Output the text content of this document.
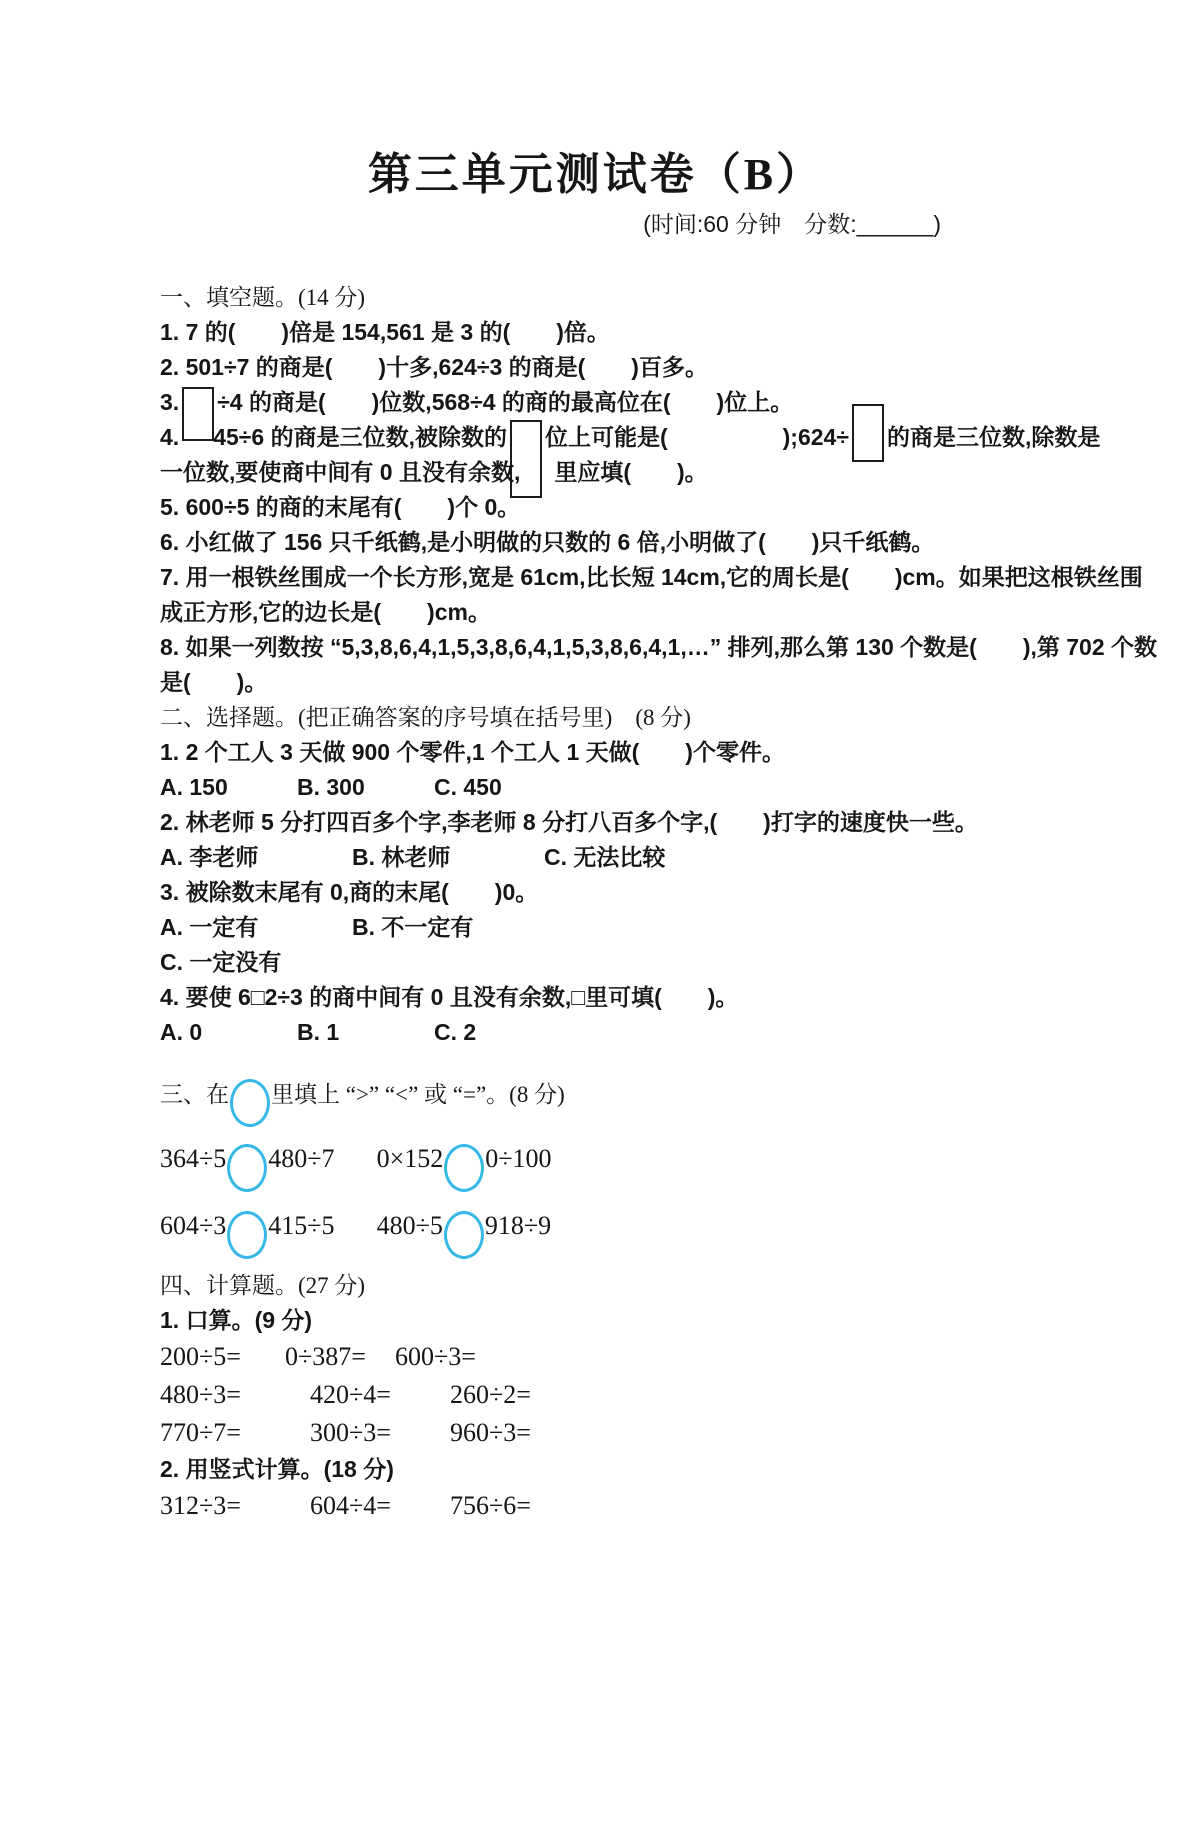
第三单元测试卷（B）
(时间:60 分钟　分数:______)
一、填空题。(14 分)
1. 7 的(　　)倍是 154,561 是 3 的(　　)倍。
2. 501÷7 的商是(　　)十多,624÷3 的商是(　　)百多。
3. ÷4 的商是(　　)位数,568÷4 的商的最高位在(　　)位上。
4. 45÷6 的商是三位数,被除数的 位上可能是(　　　　　);624÷ 的商是三位数,除数是
一位数,要使商中间有 0 且没有余数, 里应填(　　)。
5. 600÷5 的商的末尾有(　　)个 0。
6. 小红做了 156 只千纸鹤,是小明做的只数的 6 倍,小明做了(　　)只千纸鹤。
7. 用一根铁丝围成一个长方形,宽是 61cm,比长短 14cm,它的周长是(　　)cm。如果把这根铁丝围
成正方形,它的边长是(　　)cm。
8. 如果一列数按 “5,3,8,6,4,1,5,3,8,6,4,1,5,3,8,6,4,1,…” 排列,那么第 130 个数是(　　),第 702 个数
是(　　)。
二、选择题。(把正确答案的序号填在括号里)　(8 分)
1. 2 个工人 3 天做 900 个零件,1 个工人 1 天做(　　)个零件。
A. 150	B. 300	C. 450
2. 林老师 5 分打四百多个字,李老师 8 分打八百多个字,(　　)打字的速度快一些。
A. 李老师	B. 林老师	C. 无法比较
3. 被除数末尾有 0,商的末尾(　　)0。
A. 一定有	B. 不一定有
C. 一定没有
4. 要使 6□2÷3 的商中间有 0 且没有余数,□里可填(　　)。
A. 0	B. 1	C. 2
三、在 里填上 “>” “<” 或 “=”。(8 分)
364÷5 480÷7 0×152 0÷100
604÷3 415÷5 480÷5 918÷9
四、计算题。(27 分)
1. 口算。(9 分)
200÷5= 0÷387= 600÷3=
480÷3=	420÷4= 260÷2=
770÷7=	300÷3= 960÷3=
2. 用竖式计算。(18 分)
312÷3=	604÷4= 756÷6=
